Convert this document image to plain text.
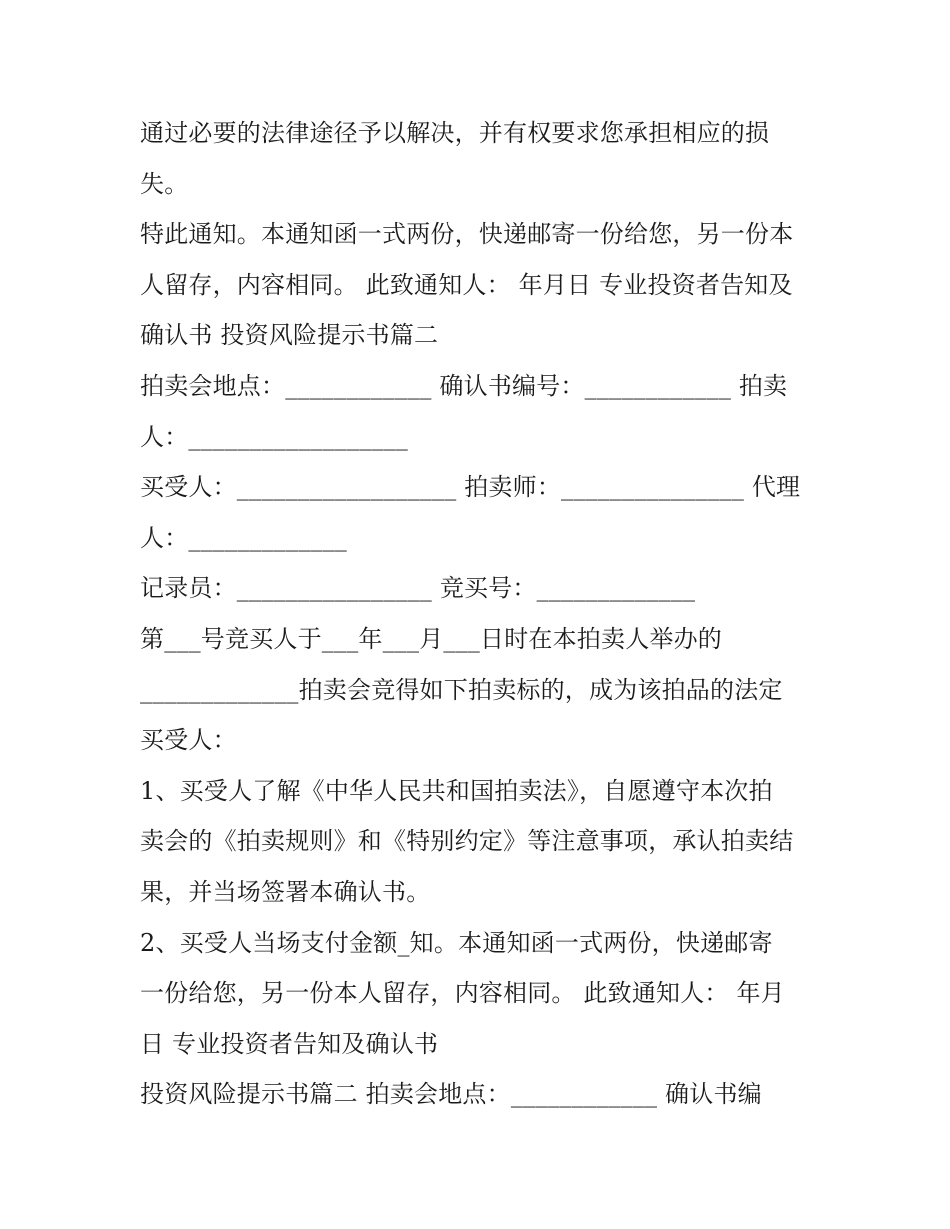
通过必要的法律途径予以解决，并有权要求您承担相应的损
失。
特此通知。本通知函一式两份，快递邮寄一份给您，另一份本
人留存，内容相同。 此致通知人： 年月日 专业投资者告知及
确认书 投资风险提示书篇二
拍卖会地点：____________ 确认书编号：____________ 拍卖
人：__________________
买受人：__________________ 拍卖师：_______________ 代理
人：_____________
记录员：________________ 竞买号：_____________
第___号竞买人于___年___月___日时在本拍卖人举办的
_____________拍卖会竞得如下拍卖标的，成为该拍品的法定
买受人：
1、买受人了解《中华人民共和国拍卖法》，自愿遵守本次拍
卖会的《拍卖规则》和《特别约定》等注意事项，承认拍卖结
果，并当场签署本确认书。
2、买受人当场支付金额_知。本通知函一式两份，快递邮寄
一份给您，另一份本人留存，内容相同。 此致通知人： 年月
日 专业投资者告知及确认书
投资风险提示书篇二 拍卖会地点：____________ 确认书编
